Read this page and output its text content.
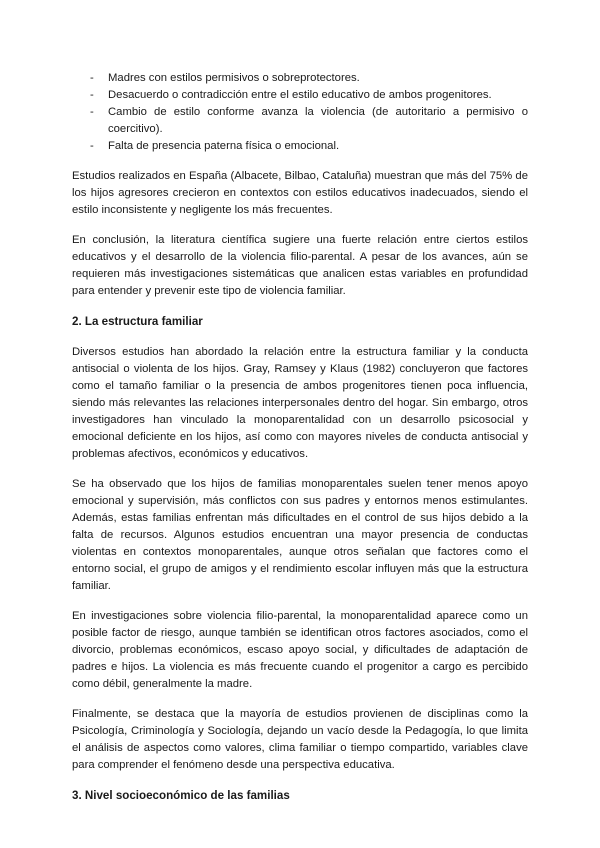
- Madres con estilos permisivos o sobreprotectores.
- Desacuerdo o contradicción entre el estilo educativo de ambos progenitores.
- Cambio de estilo conforme avanza la violencia (de autoritario a permisivo o coercitivo).
- Falta de presencia paterna física o emocional.

Estudios realizados en España (Albacete, Bilbao, Cataluña) muestran que más del 75% de los hijos agresores crecieron en contextos con estilos educativos inadecuados, siendo el estilo inconsistente y negligente los más frecuentes.

En conclusión, la literatura científica sugiere una fuerte relación entre ciertos estilos educativos y el desarrollo de la violencia filio-parental. A pesar de los avances, aún se requieren más investigaciones sistemáticas que analicen estas variables en profundidad para entender y prevenir este tipo de violencia familiar.

2. La estructura familiar

Diversos estudios han abordado la relación entre la estructura familiar y la conducta antisocial o violenta de los hijos. Gray, Ramsey y Klaus (1982) concluyeron que factores como el tamaño familiar o la presencia de ambos progenitores tienen poca influencia, siendo más relevantes las relaciones interpersonales dentro del hogar. Sin embargo, otros investigadores han vinculado la monoparentalidad con un desarrollo psicosocial y emocional deficiente en los hijos, así como con mayores niveles de conducta antisocial y problemas afectivos, económicos y educativos.

Se ha observado que los hijos de familias monoparentales suelen tener menos apoyo emocional y supervisión, más conflictos con sus padres y entornos menos estimulantes. Además, estas familias enfrentan más dificultades en el control de sus hijos debido a la falta de recursos. Algunos estudios encuentran una mayor presencia de conductas violentas en contextos monoparentales, aunque otros señalan que factores como el entorno social, el grupo de amigos y el rendimiento escolar influyen más que la estructura familiar.

En investigaciones sobre violencia filio-parental, la monoparentalidad aparece como un posible factor de riesgo, aunque también se identifican otros factores asociados, como el divorcio, problemas económicos, escaso apoyo social, y dificultades de adaptación de padres e hijos. La violencia es más frecuente cuando el progenitor a cargo es percibido como débil, generalmente la madre.

Finalmente, se destaca que la mayoría de estudios provienen de disciplinas como la Psicología, Criminología y Sociología, dejando un vacío desde la Pedagogía, lo que limita el análisis de aspectos como valores, clima familiar o tiempo compartido, variables clave para comprender el fenómeno desde una perspectiva educativa.

3. Nivel socioeconómico de las familias
